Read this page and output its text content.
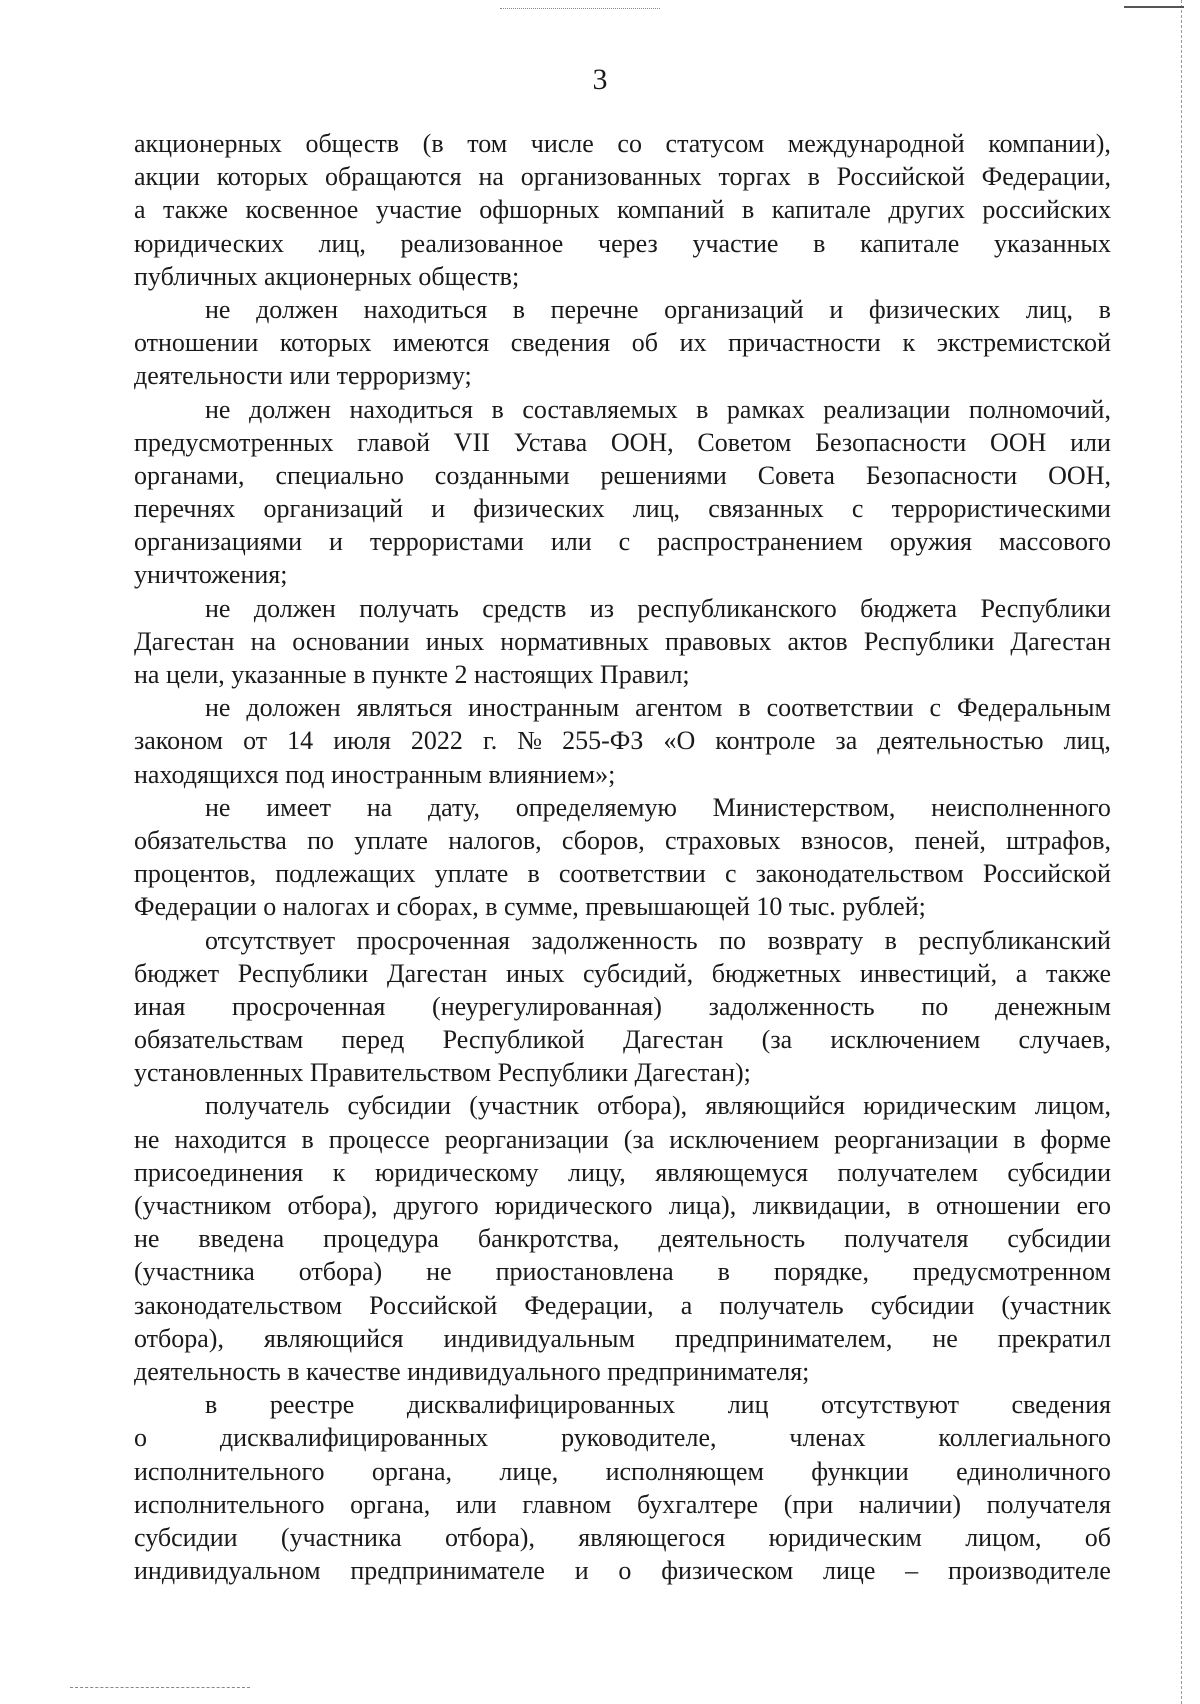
3
акционерных обществ (в том числе со статусом международной компании),
акции которых обращаются на организованных торгах в Российской Федерации,
а также косвенное участие офшорных компаний в капитале других российских
юридических лиц, реализованное через участие в капитале указанных
публичных акционерных обществ;
не должен находиться в перечне организаций и физических лиц, в
отношении которых имеются сведения об их причастности к экстремистской
деятельности или терроризму;
не должен находиться в составляемых в рамках реализации полномочий,
предусмотренных главой VII Устава ООН, Советом Безопасности ООН или
органами, специально созданными решениями Совета Безопасности ООН,
перечнях организаций и физических лиц, связанных с террористическими
организациями и террористами или с распространением оружия массового
уничтожения;
не должен получать средств из республиканского бюджета Республики
Дагестан на основании иных нормативных правовых актов Республики Дагестан
на цели, указанные в пункте 2 настоящих Правил;
не доложен являться иностранным агентом в соответствии с Федеральным
законом от 14 июля 2022 г. № 255-ФЗ «О контроле за деятельностью лиц,
находящихся под иностранным влиянием»;
не имеет на дату, определяемую Министерством, неисполненного
обязательства по уплате налогов, сборов, страховых взносов, пеней, штрафов,
процентов, подлежащих уплате в соответствии с законодательством Российской
Федерации о налогах и сборах, в сумме, превышающей 10 тыс. рублей;
отсутствует просроченная задолженность по возврату в республиканский
бюджет Республики Дагестан иных субсидий, бюджетных инвестиций, а также
иная просроченная (неурегулированная) задолженность по денежным
обязательствам перед Республикой Дагестан (за исключением случаев,
установленных Правительством Республики Дагестан);
получатель субсидии (участник отбора), являющийся юридическим лицом,
не находится в процессе реорганизации (за исключением реорганизации в форме
присоединения к юридическому лицу, являющемуся получателем субсидии
(участником отбора), другого юридического лица), ликвидации, в отношении его
не введена процедура банкротства, деятельность получателя субсидии
(участника отбора) не приостановлена в порядке, предусмотренном
законодательством Российской Федерации, а получатель субсидии (участник
отбора), являющийся индивидуальным предпринимателем, не прекратил
деятельность в качестве индивидуального предпринимателя;
в реестре дисквалифицированных лиц отсутствуют сведения
о	дисквалифицированных	руководителе,	членах	коллегиального
исполнительного органа, лице, исполняющем функции единоличного
исполнительного органа, или главном бухгалтере (при наличии) получателя
субсидии (участника отбора), являющегося юридическим лицом, об
индивидуальном предпринимателе и о физическом лице – производителе
